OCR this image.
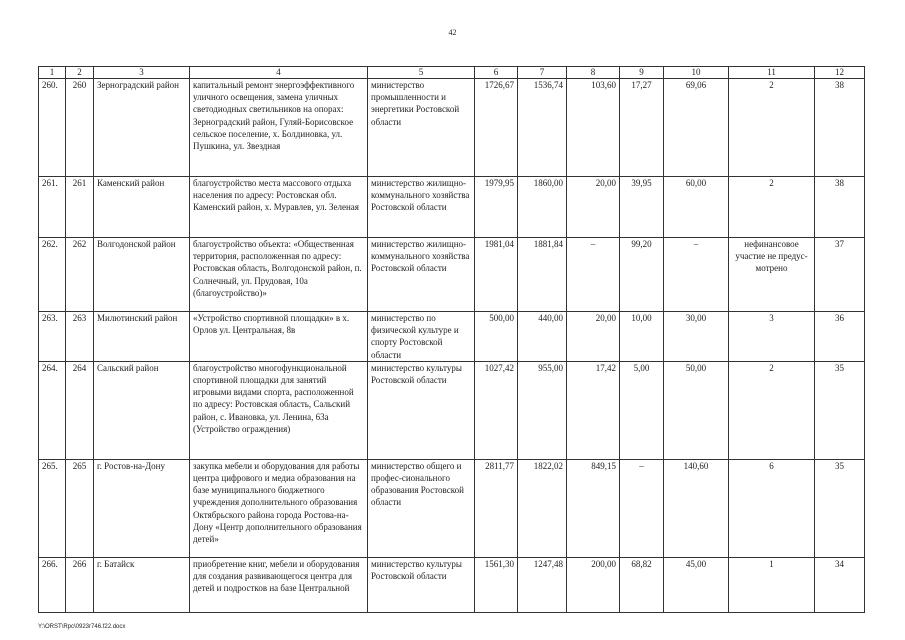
42
1	2	3	4	5	6	7	8	9	10	11	12
260.	260	Зерноградский район	капитальный ремонт энергоэффективного уличного освещения, замена уличных светодиодных светильников на опорах: Зерноградский район, Гуляй-Борисовское сельское поселение, х. Болдиновка, ул. Пушкина, ул. Звездная	министерство промышленности и энергетики Ростовской области	1726,67	1536,74	103,60	17,27	69,06	2	38
261.	261	Каменский район	благоустройство места массового отдыха населения по адресу: Ростовская обл. Каменский район, х. Муравлев, ул. Зеленая	министерство жилищно-коммунального хозяйства Ростовской области	1979,95	1860,00	20,00	39,95	60,00	2	38
262.	262	Волгодонской район	благоустройство объекта: «Общественная территория, расположенная по адресу: Ростовская область, Волгодонской район, п. Солнечный, ул. Прудовая, 10а (благоустройство)»	министерство жилищно-коммунального хозяйства Ростовской области	1981,04	1881,84	–	99,20	–	нефинансовое участие не предус-мотрено	37
263.	263	Милютинский район	«Устройство спортивной площадки» в х. Орлов ул. Центральная, 8в	министерство по физической культуре и спорту Ростовской области	500,00	440,00	20,00	10,00	30,00	3	36
264.	264	Сальский район	благоустройство многофункциональной спортивной площадки для занятий игровыми видами спорта, расположенной по адресу: Ростовская область, Сальский район, с. Ивановка, ул. Ленина, 63а (Устройство ограждения)	министерство культуры Ростовской области	1027,42	955,00	17,42	5,00	50,00	2	35
265.	265	г. Ростов-на-Дону	закупка мебели и оборудования для работы центра цифрового и медиа образования на базе муниципального бюджетного учреждения дополнительного образования Октябрьского района города Ростова-на-Дону «Центр дополнительного образования детей»	министерство общего и профес-сионального образования Ростовской области	2811,77	1822,02	849,15	–	140,60	6	35
266.	266	г. Батайск	приобретение книг, мебели и оборудования для создания развивающегося центра для детей и подростков на базе Центральной	министерство культуры Ростовской области	1561,30	1247,48	200,00	68,82	45,00	1	34
Y:\ORST\Rpc\0923r746.f22.docx
